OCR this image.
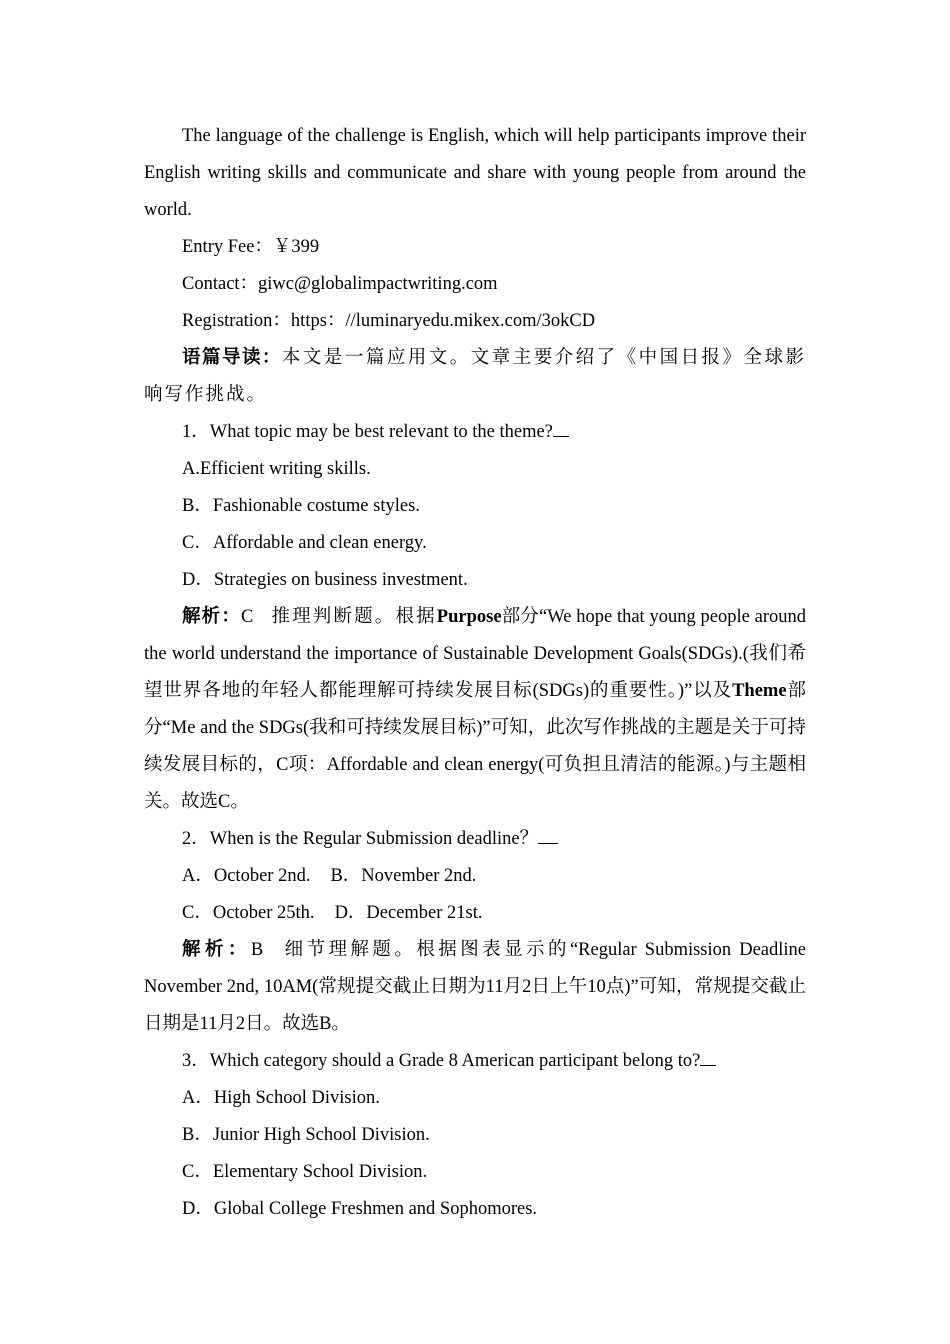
The language of the challenge is English, which will help participants improve their English writing skills and communicate and share with young people from around the world.

Entry Fee：￥399

Contact：giwc@globalimpactwriting.com

Registration：https：//luminaryedu.mikex.com/3okCD

语篇导读：本文是一篇应用文。文章主要介绍了《中国日报》全球影响写作挑战。

1．What topic may be best relevant to the theme?

A.Efficient writing skills.

B．Fashionable costume styles.

C．Affordable and clean energy.

D．Strategies on business investment.

解析：C 推理判断题。根据Purpose部分“We hope that young people around the world understand the importance of Sustainable Development Goals(SDGs).(我们希望世界各地的年轻人都能理解可持续发展目标(SDGs)的重要性。)”以及Theme部分“Me and the SDGs(我和可持续发展目标)”可知，此次写作挑战的主题是关于可持续发展目标的，C项：Affordable and clean energy(可负担且清洁的能源。)与主题相关。故选C。

2．When is the Regular Submission deadline？

A．October 2nd. B．November 2nd.

C．October 25th. D．December 21st.

解析：B 细节理解题。根据图表显示的“Regular Submission Deadline November 2nd, 10AM(常规提交截止日期为11月2日上午10点)”可知，常规提交截止日期是11月2日。故选B。

3．Which category should a Grade 8 American participant belong to?

A．High School Division.

B．Junior High School Division.

C．Elementary School Division.

D．Global College Freshmen and Sophomores.
